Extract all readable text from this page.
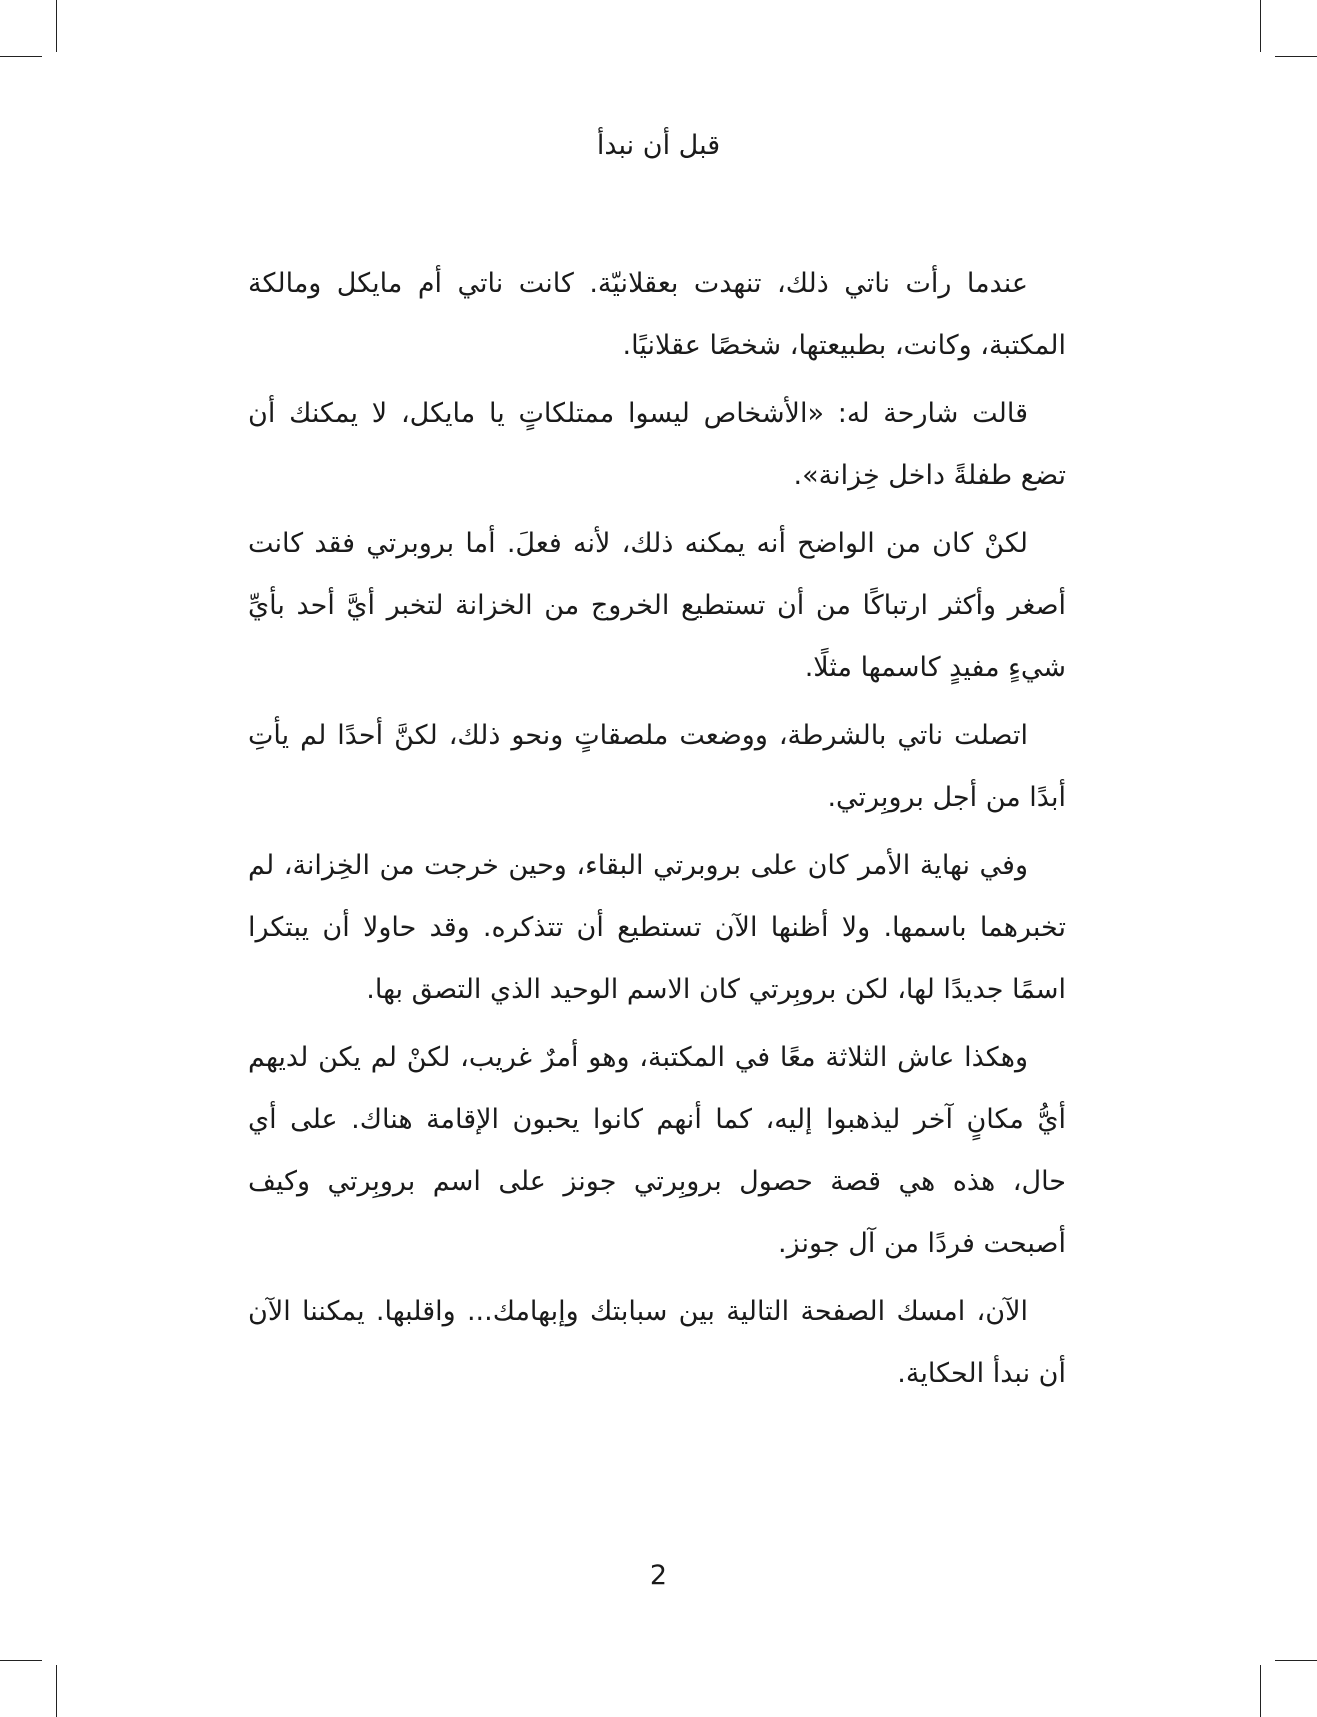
قبل أن نبدأ

عندما رأت ناتي ذلك، تنهدت بعقلانيّة. كانت ناتي أم مايكل ومالكة المكتبة، وكانت، بطبيعتها، شخصًا عقلانيًا.

قالت شارحة له: «الأشخاص ليسوا ممتلكاتٍ يا مايكل، لا يمكنك أن تضع طفلةً داخل خِزانة».

لكنْ كان من الواضح أنه يمكنه ذلك، لأنه فعلَ. أما بروبرتي فقد كانت أصغر وأكثر ارتباكًا من أن تستطيع الخروج من الخزانة لتخبر أيَّ أحد بأيِّ شيءٍ مفيدٍ كاسمها مثلًا.

اتصلت ناتي بالشرطة، ووضعت ملصقاتٍ ونحو ذلك، لكنَّ أحدًا لم يأتِ أبدًا من أجل بروبِرتي.

وفي نهاية الأمر كان على بروبرتي البقاء، وحين خرجت من الخِزانة، لم تخبرهما باسمها. ولا أظنها الآن تستطيع أن تتذكره. وقد حاولا أن يبتكرا اسمًا جديدًا لها، لكن بروبِرتي كان الاسم الوحيد الذي التصق بها.

وهكذا عاش الثلاثة معًا في المكتبة، وهو أمرٌ غريب، لكنْ لم يكن لديهم أيُّ مكانٍ آخر ليذهبوا إليه، كما أنهم كانوا يحبون الإقامة هناك. على أي حال، هذه هي قصة حصول بروبِرتي جونز على اسم بروبِرتي وكيف أصبحت فردًا من آل جونز.

الآن، امسك الصفحة التالية بين سبابتك وإبهامك... واقلبها. يمكننا الآن أن نبدأ الحكاية.

2
